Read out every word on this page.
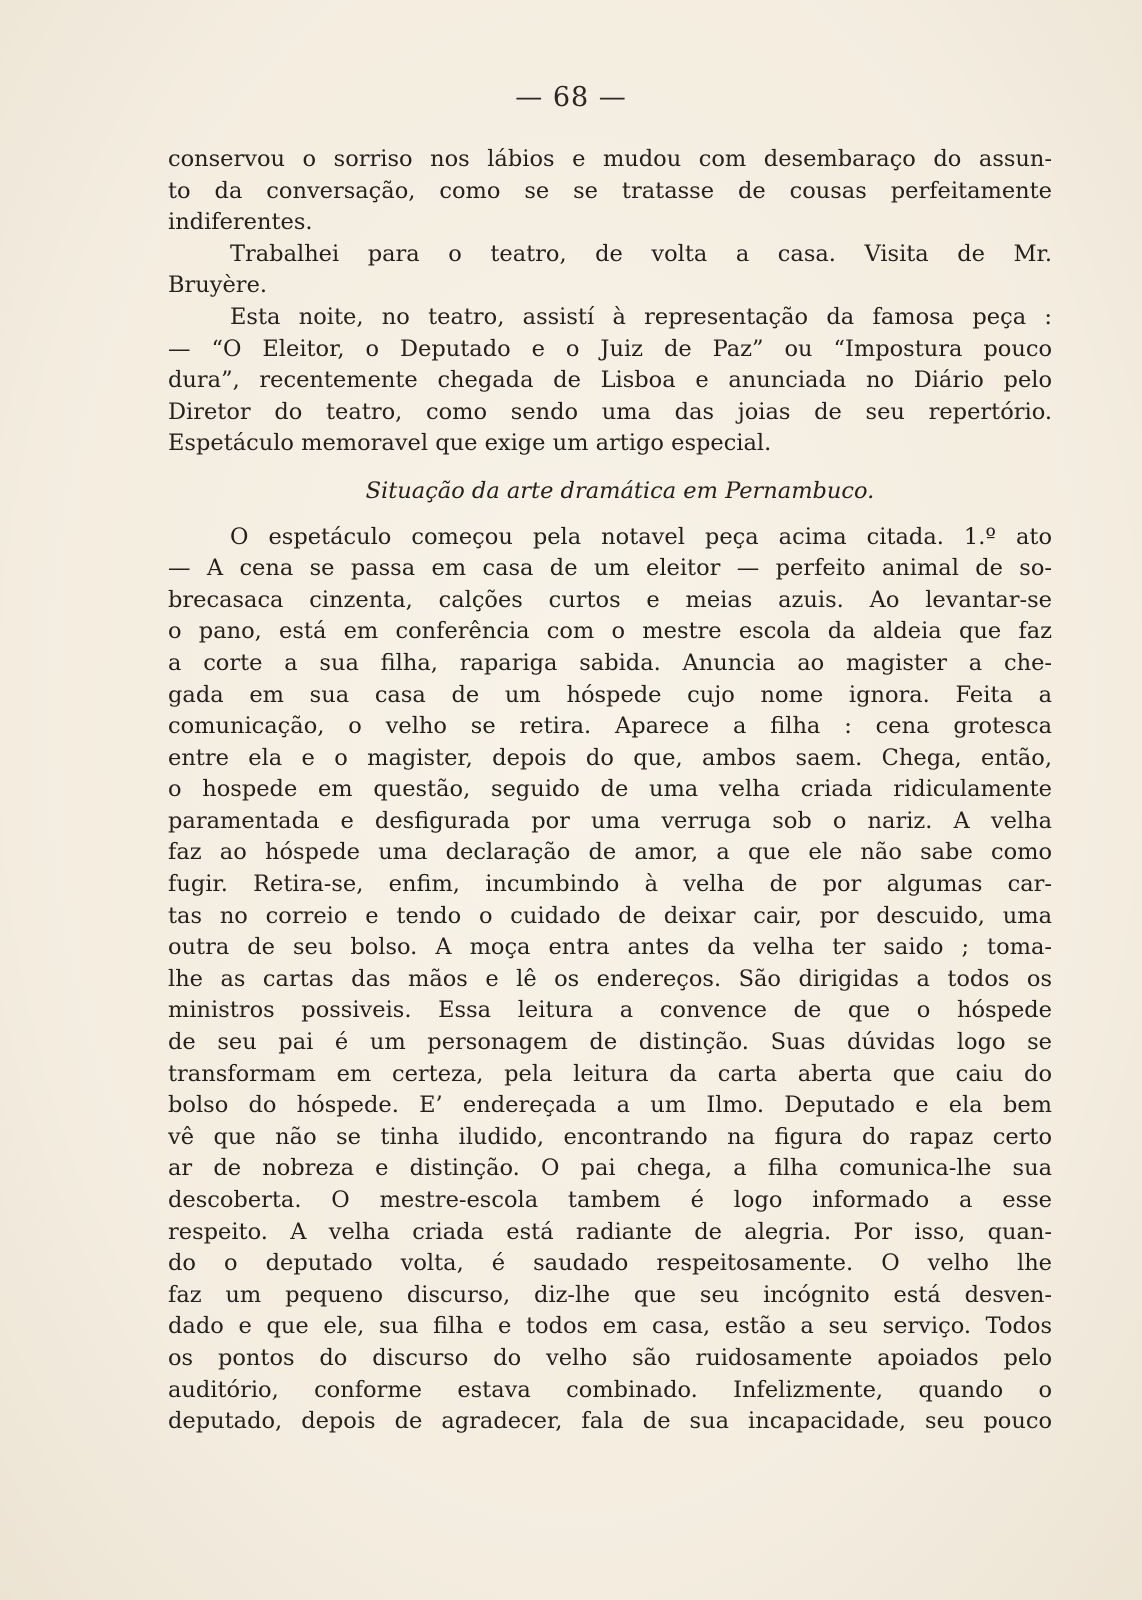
— 68 —
conservou o sorriso nos lábios e mudou com desembaraço do assun-
to da conversação, como se se tratasse de cousas perfeitamente
indiferentes.
Trabalhei para o teatro, de volta a casa. Visita de Mr.
Bruyère.
Esta noite, no teatro, assistí à representação da famosa peça :
— “O Eleitor, o Deputado e o Juiz de Paz” ou “Impostura pouco
dura”, recentemente chegada de Lisboa e anunciada no Diário pelo
Diretor do teatro, como sendo uma das joias de seu repertório.
Espetáculo memoravel que exige um artigo especial.
Situação da arte dramática em Pernambuco.
O espetáculo começou pela notavel peça acima citada. 1.º ato
— A cena se passa em casa de um eleitor — perfeito animal de so-
brecasaca cinzenta, calções curtos e meias azuis. Ao levantar-se
o pano, está em conferência com o mestre escola da aldeia que faz
a corte a sua filha, rapariga sabida. Anuncia ao magister a che-
gada em sua casa de um hóspede cujo nome ignora. Feita a
comunicação, o velho se retira. Aparece a filha : cena grotesca
entre ela e o magister, depois do que, ambos saem. Chega, então,
o hospede em questão, seguido de uma velha criada ridiculamente
paramentada e desfigurada por uma verruga sob o nariz. A velha
faz ao hóspede uma declaração de amor, a que ele não sabe como
fugir. Retira-se, enfim, incumbindo à velha de por algumas car-
tas no correio e tendo o cuidado de deixar cair, por descuido, uma
outra de seu bolso. A moça entra antes da velha ter saido ; toma-
lhe as cartas das mãos e lê os endereços. São dirigidas a todos os
ministros possiveis. Essa leitura a convence de que o hóspede
de seu pai é um personagem de distinção. Suas dúvidas logo se
transformam em certeza, pela leitura da carta aberta que caiu do
bolso do hóspede. E’ endereçada a um Ilmo. Deputado e ela bem
vê que não se tinha iludido, encontrando na figura do rapaz certo
ar de nobreza e distinção. O pai chega, a filha comunica-lhe sua
descoberta. O mestre-escola tambem é logo informado a esse
respeito. A velha criada está radiante de alegria. Por isso, quan-
do o deputado volta, é saudado respeitosamente. O velho lhe
faz um pequeno discurso, diz-lhe que seu incógnito está desven-
dado e que ele, sua filha e todos em casa, estão a seu serviço. Todos
os pontos do discurso do velho são ruidosamente apoiados pelo
auditório, conforme estava combinado. Infelizmente, quando o
deputado, depois de agradecer, fala de sua incapacidade, seu pouco
